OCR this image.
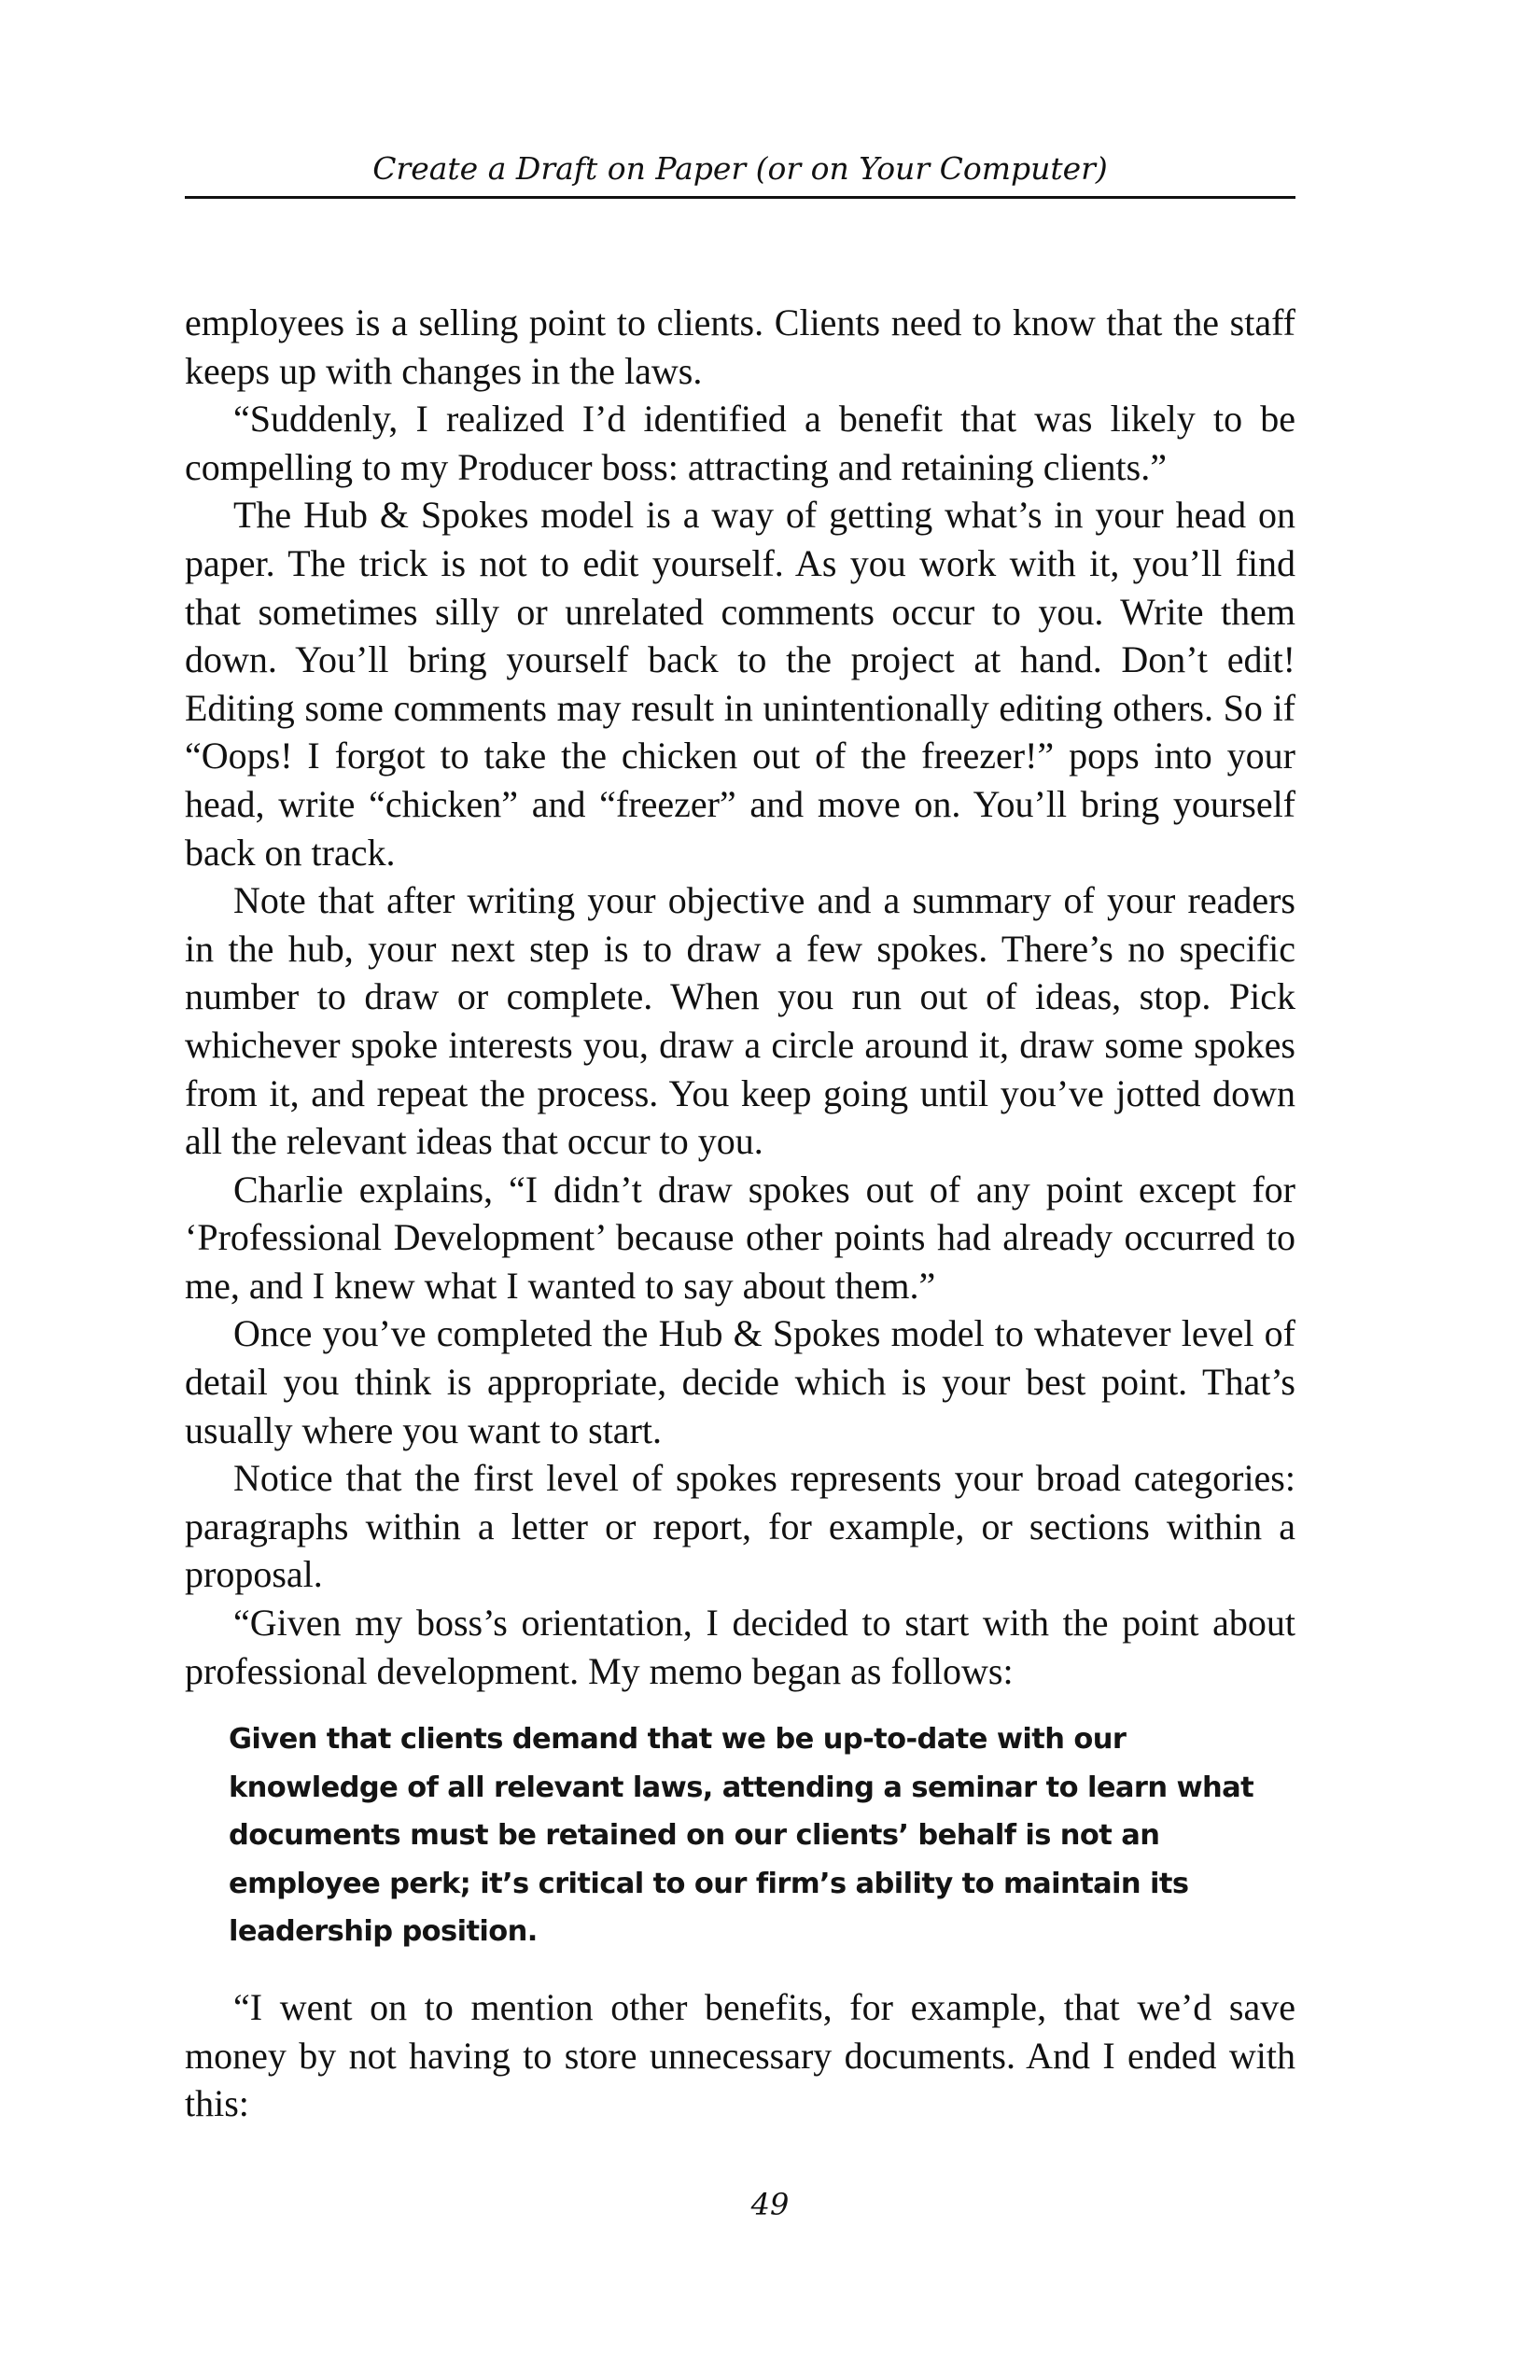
Create a Draft on Paper (or on Your Computer)

employees is a selling point to clients. Clients need to know that the staff keeps up with changes in the laws.

“Suddenly, I realized I’d identified a benefit that was likely to be compelling to my Producer boss: attracting and retaining clients.”

The Hub & Spokes model is a way of getting what’s in your head on paper. The trick is not to edit yourself. As you work with it, you’ll find that sometimes silly or unrelated comments occur to you. Write them down. You’ll bring yourself back to the project at hand. Don’t edit! Editing some comments may result in unintentionally editing others. So if “Oops! I forgot to take the chicken out of the freezer!” pops into your head, write “chicken” and “freezer” and move on. You’ll bring yourself back on track.

Note that after writing your objective and a summary of your readers in the hub, your next step is to draw a few spokes. There’s no specific number to draw or complete. When you run out of ideas, stop. Pick whichever spoke interests you, draw a circle around it, draw some spokes from it, and repeat the process. You keep going until you’ve jotted down all the relevant ideas that occur to you.

Charlie explains, “I didn’t draw spokes out of any point except for ‘Professional Development’ because other points had already occurred to me, and I knew what I wanted to say about them.”

Once you’ve completed the Hub & Spokes model to whatever level of detail you think is appropriate, decide which is your best point. That’s usually where you want to start.

Notice that the first level of spokes represents your broad categories: paragraphs within a letter or report, for example, or sections within a proposal.

“Given my boss’s orientation, I decided to start with the point about professional development. My memo began as follows:

Given that clients demand that we be up-to-date with our knowledge of all relevant laws, attending a seminar to learn what documents must be retained on our clients’ behalf is not an employee perk; it’s critical to our firm’s ability to maintain its leadership position.

“I went on to mention other benefits, for example, that we’d save money by not having to store unnecessary documents. And I ended with this:

49
